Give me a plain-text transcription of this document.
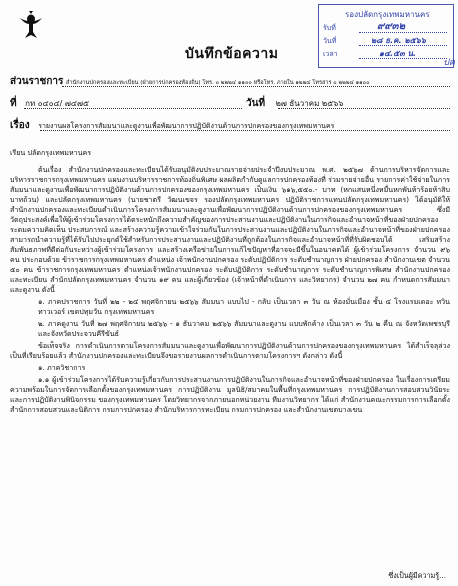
บันทึกข้อความ
รองปลัดกรุงเทพมหานคร
รับที่	๙๙๓๒
วันที่	๒๘ ธ.ค. ๒๕๖๖
เวลา	๑๔.๕๓ น.
ปค
ส่วนราชการ สำนักงานปกครองและทะเบียน (ฝ่ายการปกครองท้องถิ่น) โทร. ๐ ๒๒๒๔ ๑๑๐๐ หรือโทร. ภายใน ๑๒๒๔ โทรสาร ๐ ๒๒๒๔ ๑๑๐๐
ที่ กท ๐๔๐๔/ ๗๔๗๕	วันที่ ๒๗ ธันวาคม ๒๕๖๖
เรื่อง รายงานผลโครงการสัมมนาและดูงานเพื่อพัฒนาการปฏิบัติงานด้านการปกครองของกรุงเทพมหานคร

เรียน ปลัดกรุงเทพมหานคร

ต้นเรื่อง สำนักงานปกครองและทะเบียนได้รับอนุมัติงบประมาณรายจ่ายประจำปีงบประมาณ พ.ศ. ๒๕๖๗ ด้านการบริหารจัดการและบริหารราชการกรุงเทพมหานคร แผนงานบริหารราชการท้องถิ่นพิเศษ ผลผลิตกำกับดูแลการปกครองท้องที่ ร่วมรายจ่ายอื่น รายการค่าใช้จ่ายในการสัมมนาและดูงานเพื่อพัฒนาการปฏิบัติงานด้านการปกครองของกรุงเทพมหานคร เป็นเงิน ๖๑๖,๕๕๐.- บาท (หกแสนหนึ่งหมื่นหกพันห้าร้อยห้าสิบบาทถ้วน) และปลัดกรุงเทพมหานคร (นายชาตรี วัฒนเขจร รองปลัดกรุงเทพมหานคร ปฏิบัติราชการแทนปลัดกรุงเทพมหานคร) ได้อนุมัติให้สำนักงานปกครองและทะเบียนดำเนินการโครงการสัมมนาและดูงานเพื่อพัฒนาการปฏิบัติงานด้านการปกครองของกรุงเทพมหานคร ซึ่งมีวัตถุประสงค์เพื่อให้ผู้เข้าร่วมโครงการได้ตระหนักถึงความสำคัญของการประสานงานและปฏิบัติงานในภารกิจและอำนาจหน้าที่ของฝ่ายปกครอง ระดมความคิดเห็น ประสบการณ์ และสร้างความรู้ความเข้าใจร่วมกันในการประสานงานและปฏิบัติงานในภารกิจและอำนาจหน้าที่ของฝ่ายปกครอง สามารถนำความรู้ที่ได้รับไปประยุกต์ใช้สำหรับการประสานงานและปฏิบัติงานที่ถูกต้องในภารกิจและอำนาจหน้าที่ที่รับผิดชอบได้ เสริมสร้างสัมพันธภาพที่ดีต่อกันระหว่างผู้เข้าร่วมโครงการ และสร้างเครือข่ายในการแก้ไขปัญหาที่อาจจะมีขึ้นในอนาคตได้ ผู้เข้าร่วมโครงการ จำนวน ๙๖ คน ประกอบด้วย ข้าราชการกรุงเทพมหานคร ตำแหน่ง เจ้าพนักงานปกครอง ระดับปฏิบัติการ ระดับชำนาญการ ฝ่ายปกครอง สำนักงานเขต จำนวน ๕๐ คน ข้าราชการกรุงเทพมหานคร ตำแหน่งเจ้าพนักงานปกครอง ระดับปฏิบัติการ ระดับชำนาญการ ระดับชำนาญการพิเศษ สำนักงานปกครองและทะเบียน สำนักปลัดกรุงเทพมหานคร จำนวน ๑๙ คน และผู้เกี่ยวข้อง (เจ้าหน้าที่ดำเนินการ และวิทยากร) จำนวน ๒๗ คน กำหนดการสัมมนาและดูงาน ดังนี้

๑. ภาคปราชการ วันที่ ๒๒ - ๒๔ พฤศจิกายน ๒๕๖๖ สัมมนา แบบไป - กลับ เป็นเวลา ๓ วัน ณ ห้องมั่นเมือง ชั้น ๔ โรงแรมเดอะ ทวิน ทาวเวอร์ เขตปทุมวัน กรุงเทพมหานคร

๒. ภาคดูงาน วันที่ ๒๗ พฤศจิกายน ๒๕๖๖ - ๑ ธันวาคม ๒๕๖๖ สัมมนาและดูงาน แบบพักค้าง เป็นเวลา ๓ วัน ๒ คืน ณ จังหวัดเพชรบุรีและจังหวัดประจวบคีรีขันธ์

ข้อเท็จจริง การดำเนินการตามโครงการสัมมนาและดูงานเพื่อพัฒนาการปฏิบัติงานด้านการปกครองของกรุงเทพมหานคร ได้สำเร็จลุล่วงเป็นที่เรียบร้อยแล้ว สำนักงานปกครองและทะเบียนจึงขอรายงานผลการดำเนินการตามโครงการฯ ดังกล่าว ดังนี้

๑. ภาควิชาการ

๑.๑ ผู้เข้าร่วมโครงการได้รับความรู้เกี่ยวกับการประสานงานการปฏิบัติงานในภารกิจและอำนาจหน้าที่ของฝ่ายปกครอง ในเรื่องการเตรียมความพร้อมในการจัดการเลือกตั้งของกรุงเทพมหานคร การปฏิบัติงาน มูลนิธิ/สมาคมในพื้นที่กรุงเทพมหานคร การปฏิบัติงานการสอบสวนวินัยระ และการปฏิบัติงานพินิจกรรม ของกรุงเทพมหานคร โดยวิทยากรจากภายนอกหน่วยงาน ทีมงานวิทยากร ได้แก่ สำนักงานคณะกรรมการการเลือกตั้ง สำนักการสอบสวนและนิติการ กรมการปกครอง สำนักบริหารการทะเบียน กรมการปกครอง และสำนักงานเขตบางเขน

ซึ่งเป็นผู้มีความรู้...
